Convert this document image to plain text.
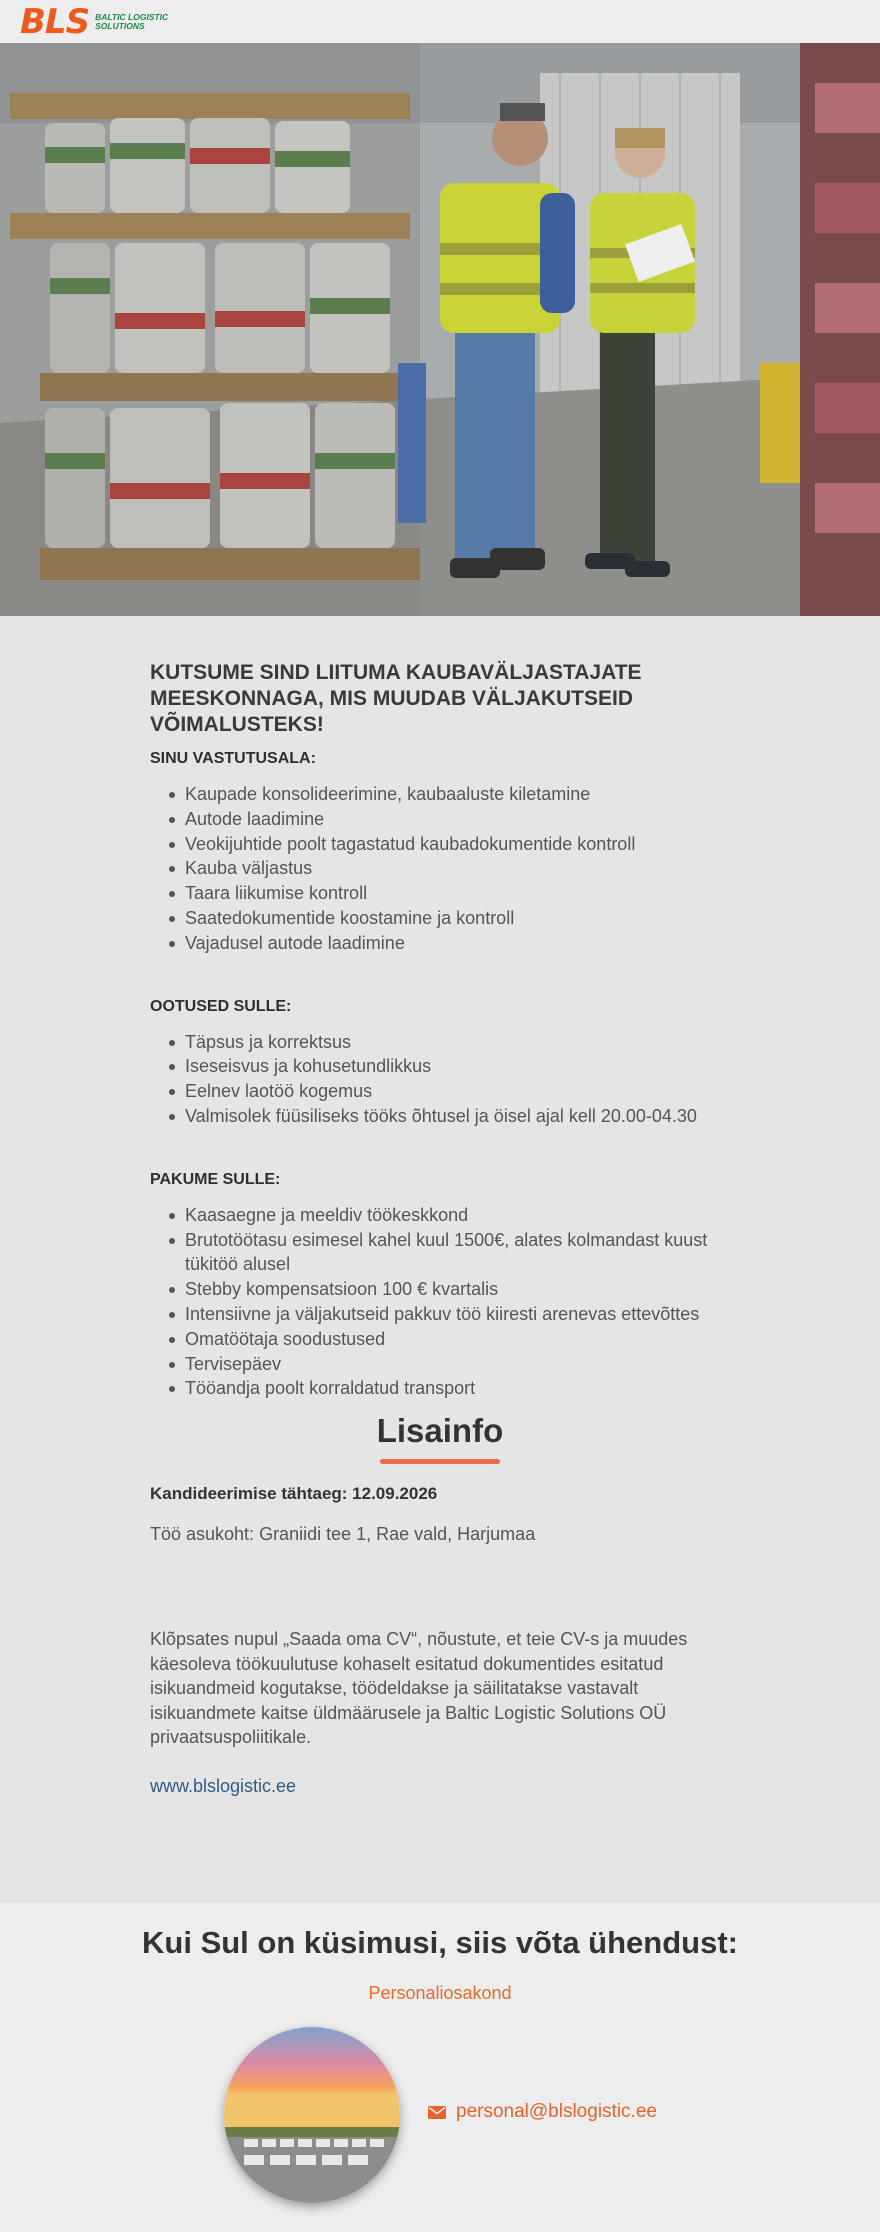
BLS BALTIC LOGISTIC
SOLUTIONS
KUTSUME SIND LIITUMA KAUBAVÄLJASTAJATE MEESKONNAGA, MIS MUUDAB VÄLJAKUTSEID VÕIMALUSTEKS!
SINU VASTUTUSALA:
Kaupade konsolideerimine, kaubaaluste kiletamine
Autode laadimine
Veokijuhtide poolt tagastatud kaubadokumentide kontroll
Kauba väljastus
Taara liikumise kontroll
Saatedokumentide koostamine ja kontroll
Vajadusel autode laadimine
OOTUSED SULLE:
Täpsus ja korrektsus
Iseseisvus ja kohusetundlikkus
Eelnev laotöö kogemus
Valmisolek füüsiliseks tööks õhtusel ja öisel ajal kell 20.00-04.30
PAKUME SULLE:
Kaasaegne ja meeldiv töökeskkond
Brutotöötasu esimesel kahel kuul 1500€, alates kolmandast kuust tükitöö alusel
Stebby kompensatsioon 100 € kvartalis
Intensiivne ja väljakutseid pakkuv töö kiiresti arenevas ettevõttes
Omatöötaja soodustused
Tervisepäev
Tööandja poolt korraldatud transport
Lisainfo

Kandideerimise tähtaeg: 12.09.2026

Töö asukoht: Graniidi tee 1, Rae vald, Harjumaa

Klõpsates nupul „Saada oma CV“, nõustute, et teie CV-s ja muudes käesoleva töökuulutuse kohaselt esitatud dokumentides esitatud isikuandmeid kogutakse, töödeldakse ja säilitatakse vastavalt isikuandmete kaitse üldmäärusele ja Baltic Logistic Solutions OÜ privaatsuspoliitikale.

www.blslogistic.ee
Kui Sul on küsimusi, siis võta ühendust:
Personaliosakond
personal@blslogistic.ee
